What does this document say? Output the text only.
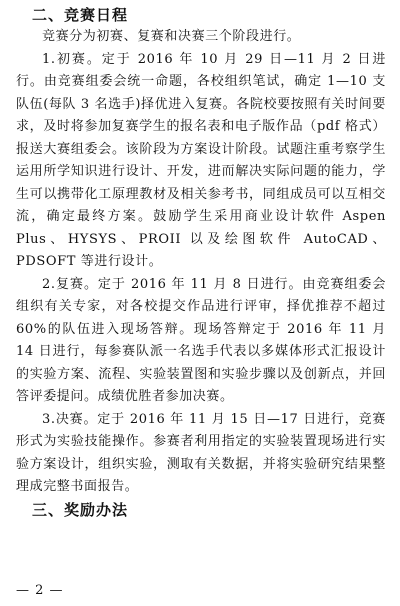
二、竞赛日程

竞赛分为初赛、复赛和决赛三个阶段进行。

1.初赛。定于 2016 年 10 月 29 日—11 月 2 日进行。由竞赛组委会统一命题，各校组织笔试，确定 1—10 支队伍(每队 3 名选手)择优进入复赛。各院校要按照有关时间要求，及时将参加复赛学生的报名表和电子版作品（pdf 格式）报送大赛组委会。该阶段为方案设计阶段。试题注重考察学生运用所学知识进行设计、开发，进而解决实际问题的能力，学生可以携带化工原理教材及相关参考书，同组成员可以互相交流，确定最终方案。鼓励学生采用商业设计软件 Aspen Plus、HYSYS、PROII 以及绘图软件 AutoCAD、PDSOFT 等进行设计。

2.复赛。定于 2016 年 11 月 8 日进行。由竞赛组委会组织有关专家，对各校提交作品进行评审，择优推荐不超过 60%的队伍进入现场答辩。现场答辩定于 2016 年 11 月 14 日进行，每参赛队派一名选手代表以多媒体形式汇报设计的实验方案、流程、实验装置图和实验步骤以及创新点，并回答评委提问。成绩优胜者参加决赛。

3.决赛。定于 2016 年 11 月 15 日—17 日进行，竞赛形式为实验技能操作。参赛者利用指定的实验装置现场进行实验方案设计，组织实验，测取有关数据，并将实验研究结果整理成完整书面报告。

三、奖励办法
— 2 —
